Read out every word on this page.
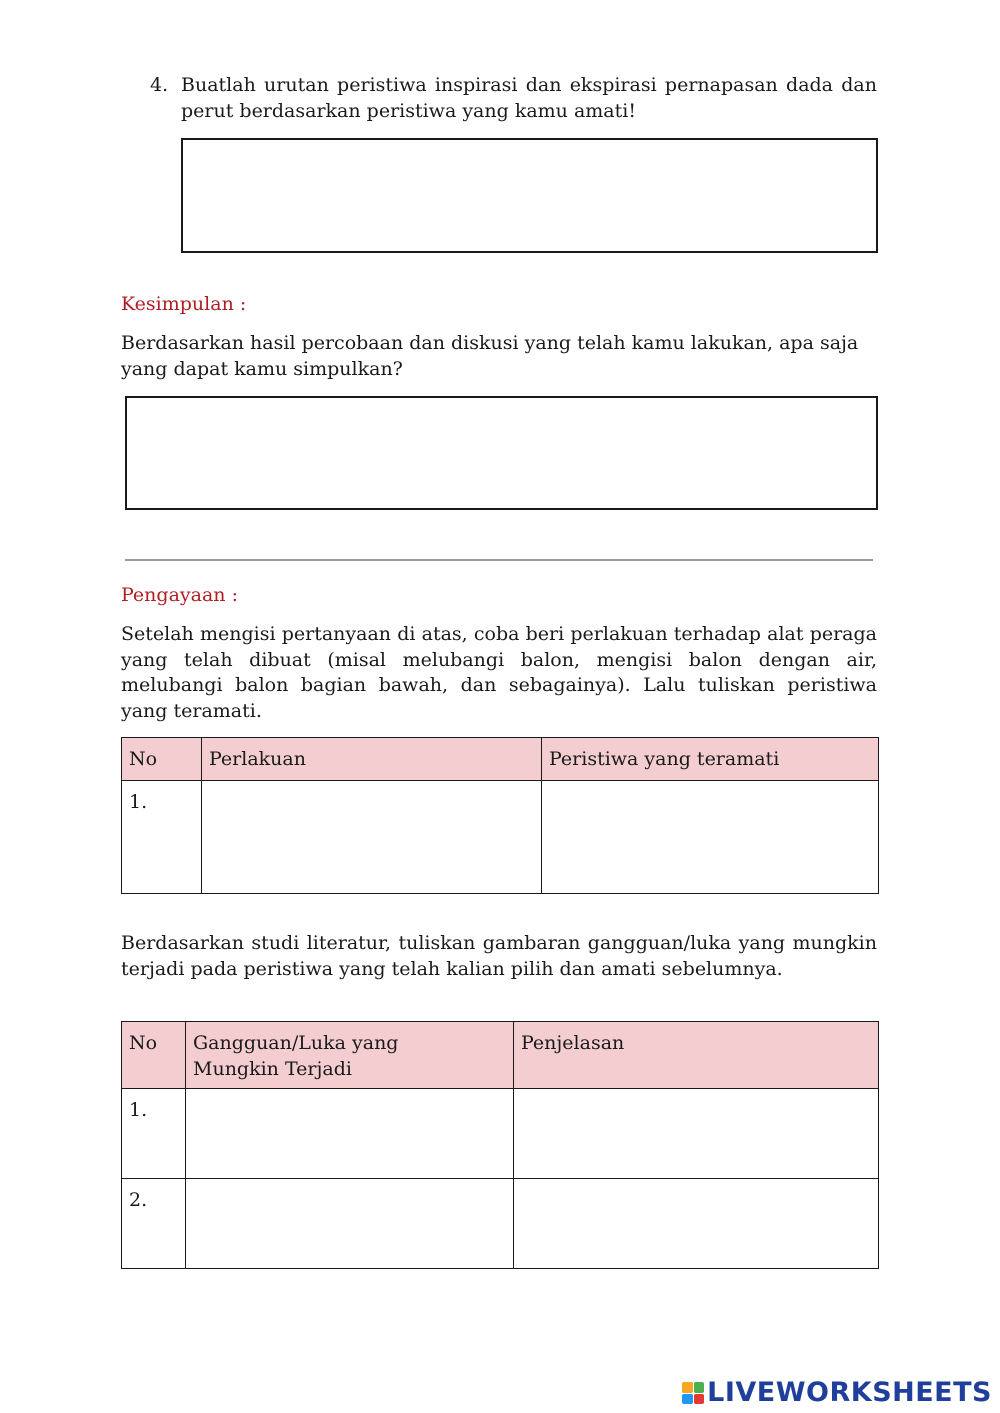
4. Buatlah urutan peristiwa inspirasi dan ekspirasi pernapasan dada dan perut berdasarkan peristiwa yang kamu amati!
Kesimpulan :
Berdasarkan hasil percobaan dan diskusi yang telah kamu lakukan, apa saja yang dapat kamu simpulkan?
Pengayaan :
Setelah mengisi pertanyaan di atas, coba beri perlakuan terhadap alat peraga yang telah dibuat (misal melubangi balon, mengisi balon dengan air, melubangi balon bagian bawah, dan sebagainya). Lalu tuliskan peristiwa yang teramati.
No	Perlakuan	Peristiwa yang teramati
1.		
Berdasarkan studi literatur, tuliskan gambaran gangguan/luka yang mungkin terjadi pada peristiwa yang telah kalian pilih dan amati sebelumnya.
No	Gangguan/Luka yang Mungkin Terjadi	Penjelasan
1.		
2.		
LIVEWORKSHEETS
